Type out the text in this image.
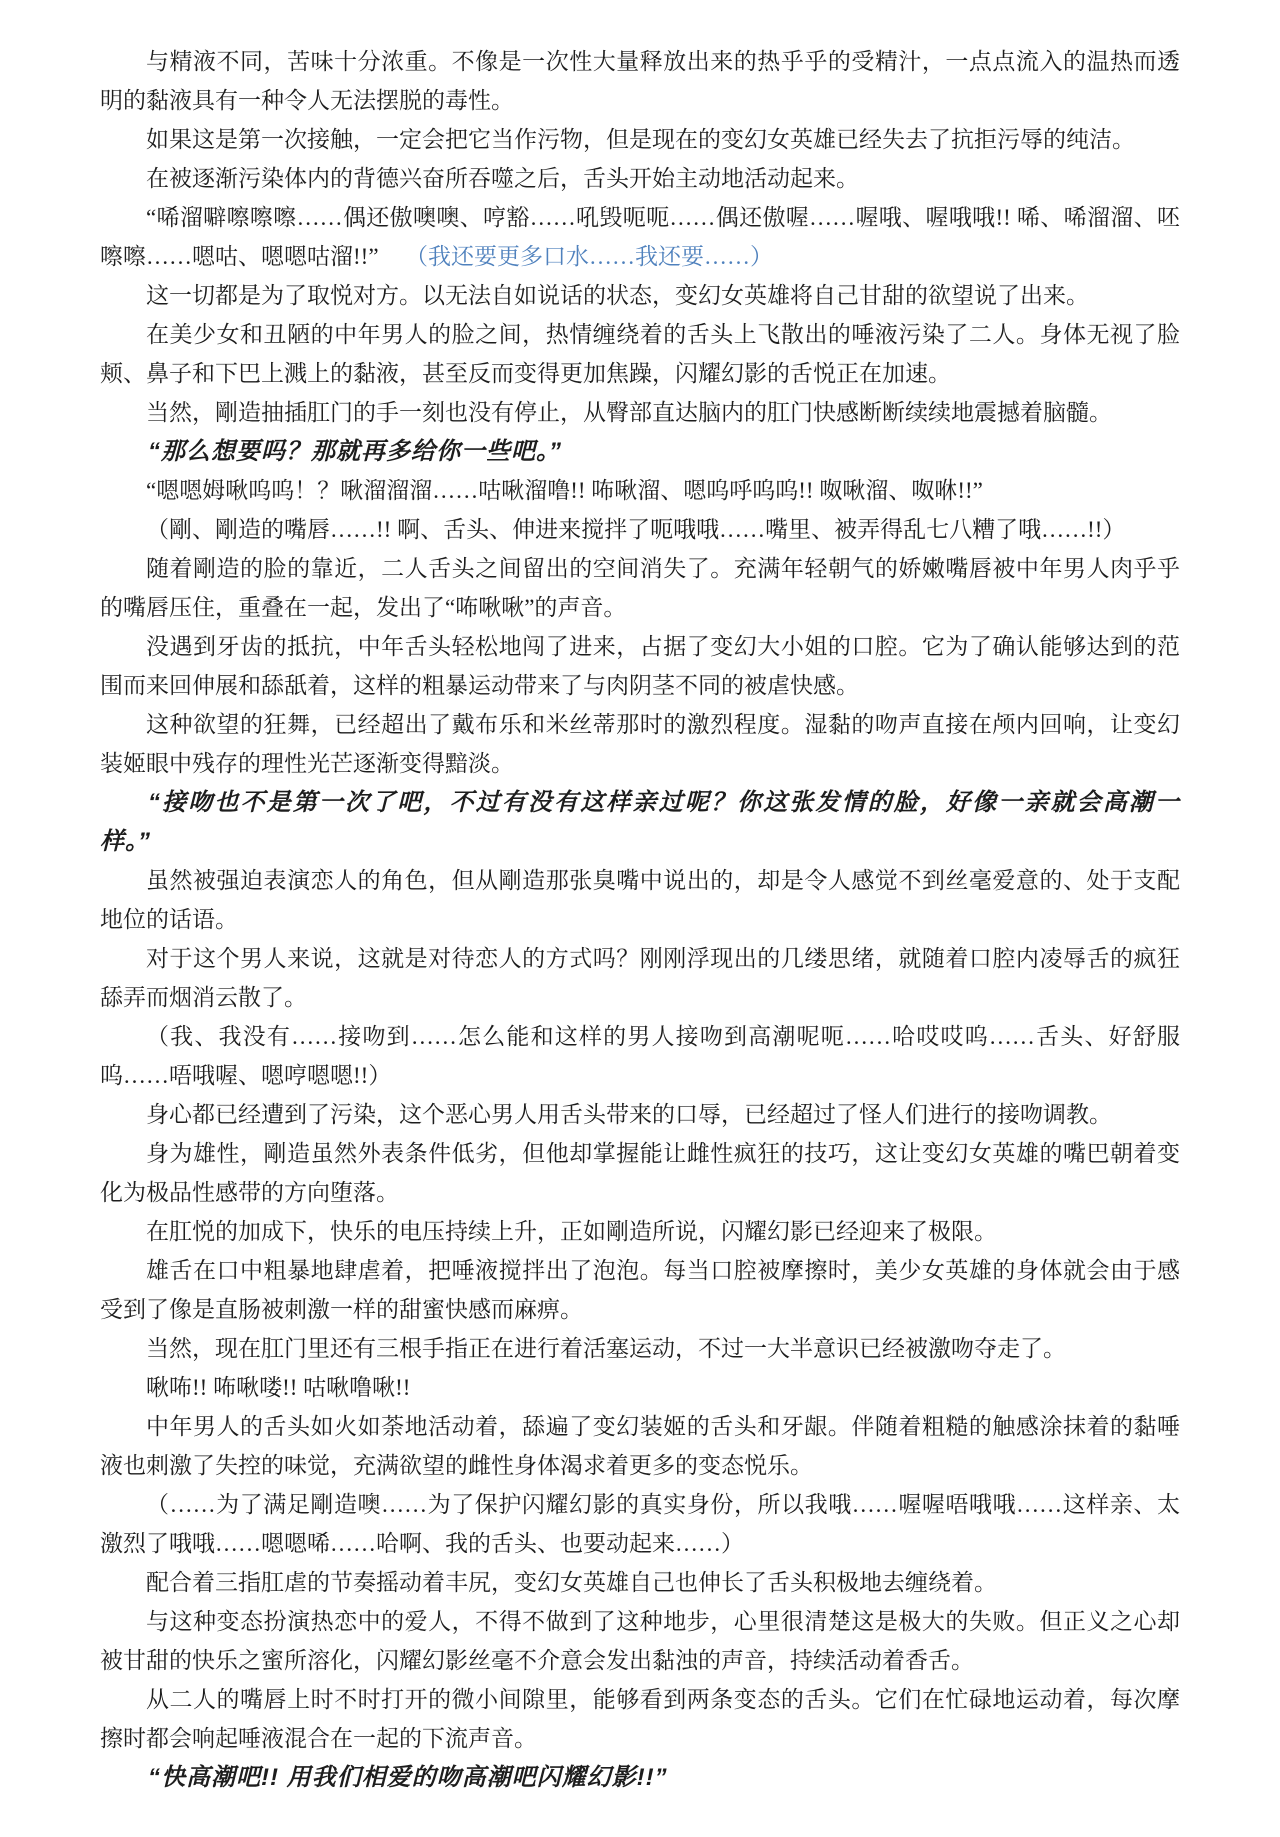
与精液不同，苦味十分浓重。不像是一次性大量释放出来的热乎乎的受精汁，一点点流入的温热而透明的黏液具有一种令人无法摆脱的毒性。

如果这是第一次接触，一定会把它当作污物，但是现在的变幻女英雄已经失去了抗拒污辱的纯洁。

在被逐渐污染体内的背德兴奋所吞噬之后，舌头开始主动地活动起来。

“唏溜噼嚓嚓嚓……偶还傲噢噢、哼豁……吼毁呃呃……偶还傲喔……喔哦、喔哦哦!! 唏、唏溜溜、呸嚓嚓……嗯咕、嗯嗯咕溜!!” （我还要更多口水……我还要……）

这一切都是为了取悦对方。以无法自如说话的状态，变幻女英雄将自己甘甜的欲望说了出来。

在美少女和丑陋的中年男人的脸之间，热情缠绕着的舌头上飞散出的唾液污染了二人。身体无视了脸颊、鼻子和下巴上溅上的黏液，甚至反而变得更加焦躁，闪耀幻影的舌悦正在加速。

当然，剛造抽插肛门的手一刻也没有停止，从臀部直达脑内的肛门快感断断续续地震撼着脑髓。

“那么想要吗？那就再多给你一些吧。”

“嗯嗯姆啾呜呜！？啾溜溜溜……咕啾溜噜!! 咘啾溜、嗯呜呼呜呜!! 呶啾溜、呶咻!!”

（剛、剛造的嘴唇……!! 啊、舌头、伸进来搅拌了呃哦哦……嘴里、被弄得乱七八糟了哦……!!）

随着剛造的脸的靠近，二人舌头之间留出的空间消失了。充满年轻朝气的娇嫩嘴唇被中年男人肉乎乎的嘴唇压住，重叠在一起，发出了“咘啾啾”的声音。

没遇到牙齿的抵抗，中年舌头轻松地闯了进来，占据了变幻大小姐的口腔。它为了确认能够达到的范围而来回伸展和舔舐着，这样的粗暴运动带来了与肉阴茎不同的被虐快感。

这种欲望的狂舞，已经超出了戴布乐和米丝蒂那时的激烈程度。湿黏的吻声直接在颅内回响，让变幻装姬眼中残存的理性光芒逐渐变得黯淡。

“接吻也不是第一次了吧，不过有没有这样亲过呢？你这张发情的脸，好像一亲就会高潮一样。”

虽然被强迫表演恋人的角色，但从剛造那张臭嘴中说出的，却是令人感觉不到丝毫爱意的、处于支配地位的话语。

对于这个男人来说，这就是对待恋人的方式吗？刚刚浮现出的几缕思绪，就随着口腔内凌辱舌的疯狂舔弄而烟消云散了。

（我、我没有……接吻到……怎么能和这样的男人接吻到高潮呢呃……哈哎哎呜……舌头、好舒服呜……唔哦喔、嗯哼嗯嗯!!）

身心都已经遭到了污染，这个恶心男人用舌头带来的口辱，已经超过了怪人们进行的接吻调教。

身为雄性，剛造虽然外表条件低劣，但他却掌握能让雌性疯狂的技巧，这让变幻女英雄的嘴巴朝着变化为极品性感带的方向堕落。

在肛悦的加成下，快乐的电压持续上升，正如剛造所说，闪耀幻影已经迎来了极限。

雄舌在口中粗暴地肆虐着，把唾液搅拌出了泡泡。每当口腔被摩擦时，美少女英雄的身体就会由于感受到了像是直肠被刺激一样的甜蜜快感而麻痹。

当然，现在肛门里还有三根手指正在进行着活塞运动，不过一大半意识已经被激吻夺走了。

啾咘!! 咘啾喽!! 咕啾噜啾!!

中年男人的舌头如火如荼地活动着，舔遍了变幻装姬的舌头和牙龈。伴随着粗糙的触感涂抹着的黏唾液也刺激了失控的味觉，充满欲望的雌性身体渴求着更多的变态悦乐。

（……为了满足剛造噢……为了保护闪耀幻影的真实身份，所以我哦……喔喔唔哦哦……这样亲、太激烈了哦哦……嗯嗯唏……哈啊、我的舌头、也要动起来……）

配合着三指肛虐的节奏摇动着丰尻，变幻女英雄自己也伸长了舌头积极地去缠绕着。

与这种变态扮演热恋中的爱人，不得不做到了这种地步，心里很清楚这是极大的失败。但正义之心却被甘甜的快乐之蜜所溶化，闪耀幻影丝毫不介意会发出黏浊的声音，持续活动着香舌。

从二人的嘴唇上时不时打开的微小间隙里，能够看到两条变态的舌头。它们在忙碌地运动着，每次摩擦时都会响起唾液混合在一起的下流声音。

“快高潮吧!! 用我们相爱的吻高潮吧闪耀幻影!!”
